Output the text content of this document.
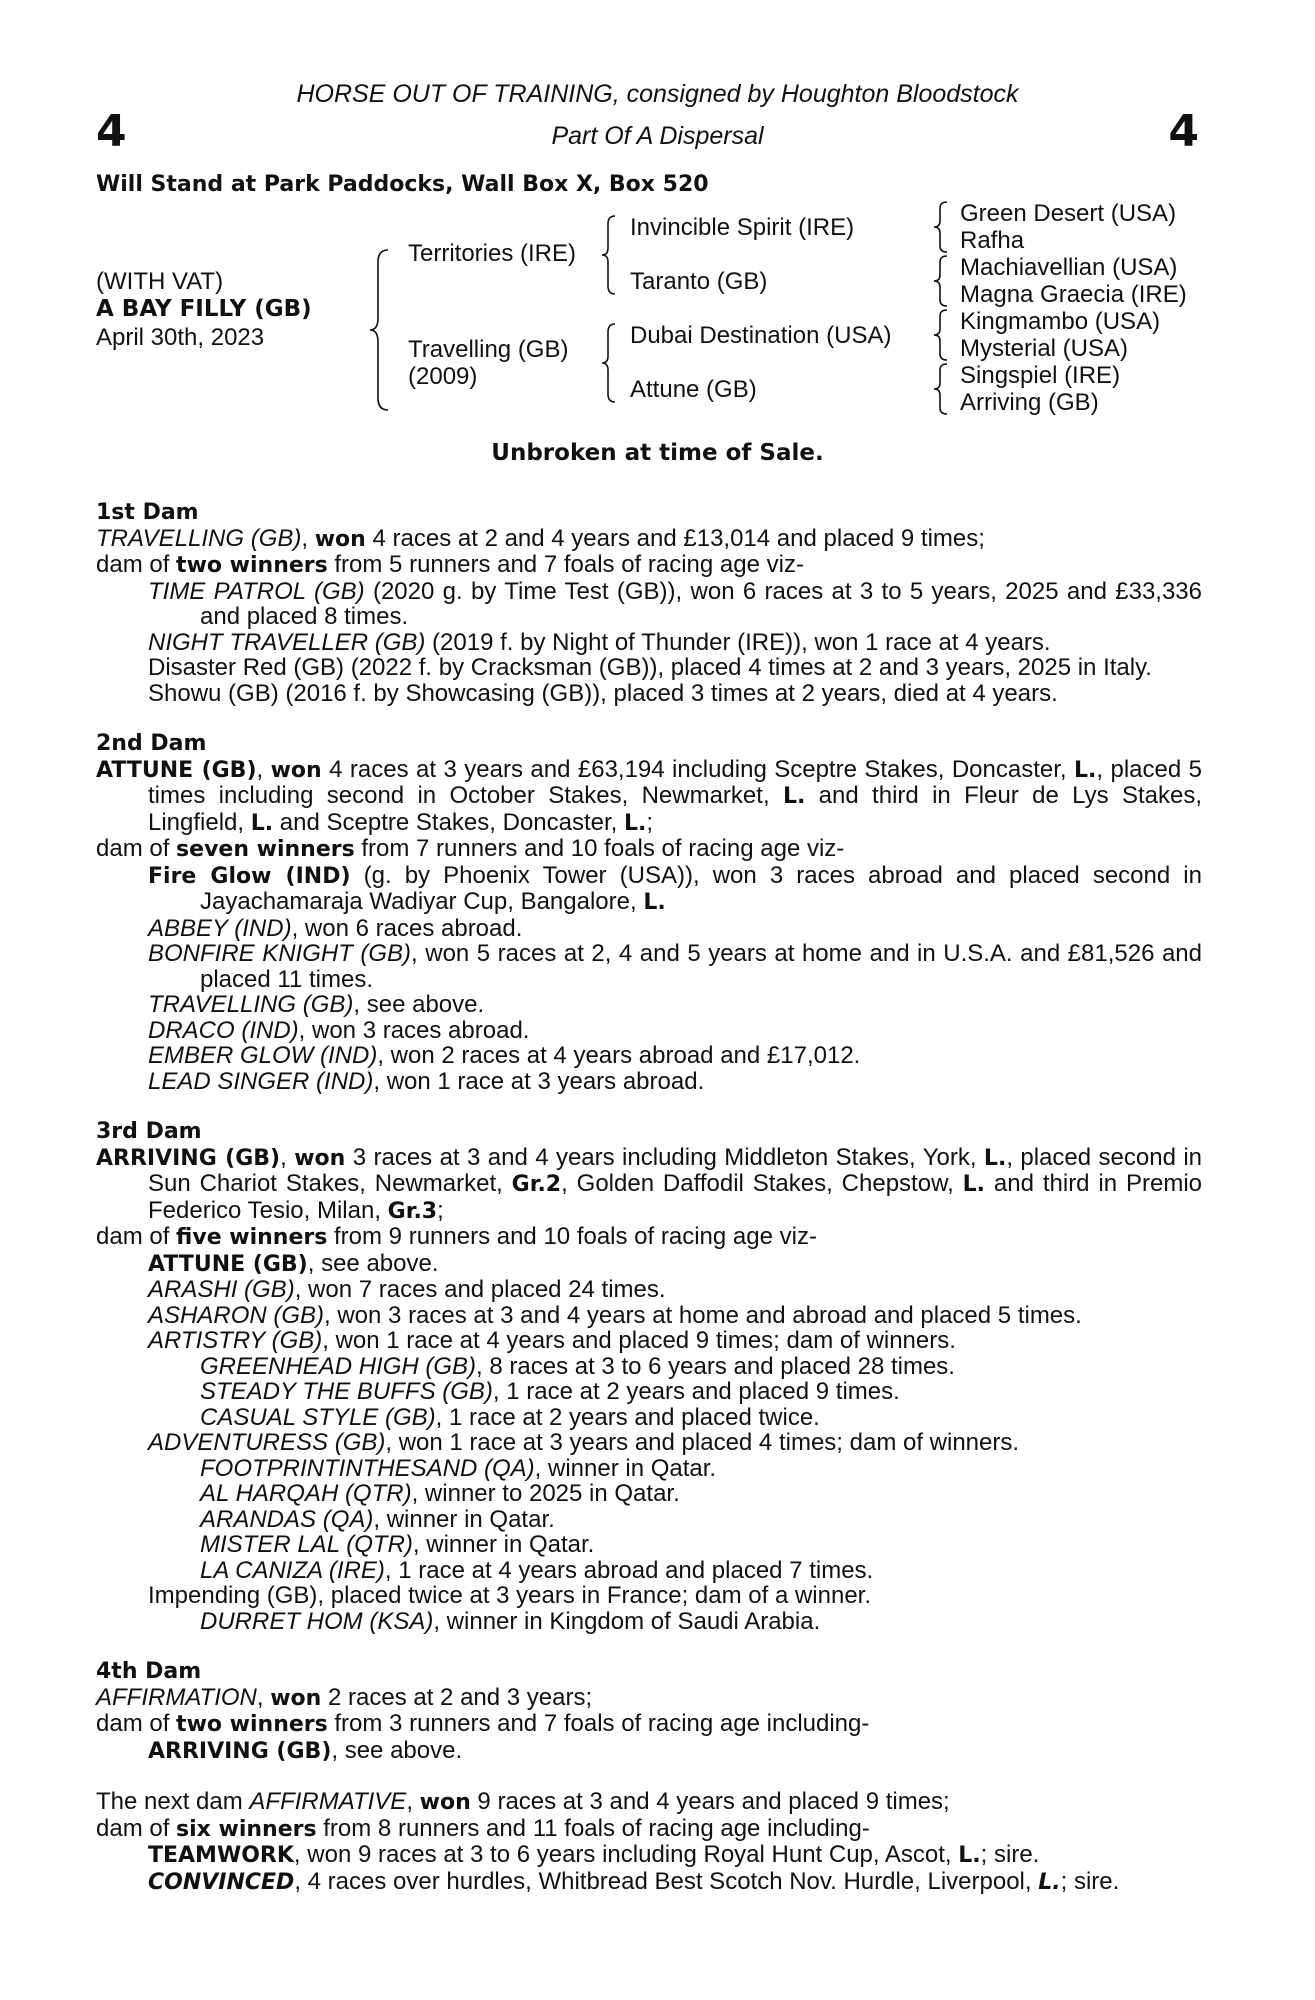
4	4
HORSE OUT OF TRAINING, consigned by Houghton Bloodstock
Part Of A Dispersal
Will Stand at Park Paddocks, Wall Box X, Box 520
(WITH VAT)
A BAY FILLY (GB)
April 30th, 2023
Territories (IRE)
Travelling (GB)
(2009)
Invincible Spirit (IRE)
Taranto (GB)
Dubai Destination (USA)
Attune (GB)
Green Desert (USA)
Rafha
Machiavellian (USA)
Magna Graecia (IRE)
Kingmambo (USA)
Mysterial (USA)
Singspiel (IRE)
Arriving (GB)
Unbroken at time of Sale.
1st Dam
TRAVELLING (GB), won 4 races at 2 and 4 years and £13,014 and placed 9 times;
dam of two winners from 5 runners and 7 foals of racing age viz-
TIME PATROL (GB) (2020 g. by Time Test (GB)), won 6 races at 3 to 5 years, 2025 and £33,336 and placed 8 times.
NIGHT TRAVELLER (GB) (2019 f. by Night of Thunder (IRE)), won 1 race at 4 years.
Disaster Red (GB) (2022 f. by Cracksman (GB)), placed 4 times at 2 and 3 years, 2025 in Italy.
Showu (GB) (2016 f. by Showcasing (GB)), placed 3 times at 2 years, died at 4 years.
2nd Dam
ATTUNE (GB), won 4 races at 3 years and £63,194 including Sceptre Stakes, Doncaster, L., placed 5 times including second in October Stakes, Newmarket, L. and third in Fleur de Lys Stakes, Lingfield, L. and Sceptre Stakes, Doncaster, L.;
dam of seven winners from 7 runners and 10 foals of racing age viz-
Fire Glow (IND) (g. by Phoenix Tower (USA)), won 3 races abroad and placed second in Jayachamaraja Wadiyar Cup, Bangalore, L.
ABBEY (IND), won 6 races abroad.
BONFIRE KNIGHT (GB), won 5 races at 2, 4 and 5 years at home and in U.S.A. and £81,526 and placed 11 times.
TRAVELLING (GB), see above.
DRACO (IND), won 3 races abroad.
EMBER GLOW (IND), won 2 races at 4 years abroad and £17,012.
LEAD SINGER (IND), won 1 race at 3 years abroad.
3rd Dam
ARRIVING (GB), won 3 races at 3 and 4 years including Middleton Stakes, York, L., placed second in Sun Chariot Stakes, Newmarket, Gr.2, Golden Daffodil Stakes, Chepstow, L. and third in Premio Federico Tesio, Milan, Gr.3;
dam of five winners from 9 runners and 10 foals of racing age viz-
ATTUNE (GB), see above.
ARASHI (GB), won 7 races and placed 24 times.
ASHARON (GB), won 3 races at 3 and 4 years at home and abroad and placed 5 times.
ARTISTRY (GB), won 1 race at 4 years and placed 9 times; dam of winners.
GREENHEAD HIGH (GB), 8 races at 3 to 6 years and placed 28 times.
STEADY THE BUFFS (GB), 1 race at 2 years and placed 9 times.
CASUAL STYLE (GB), 1 race at 2 years and placed twice.
ADVENTURESS (GB), won 1 race at 3 years and placed 4 times; dam of winners.
FOOTPRINTINTHESAND (QA), winner in Qatar.
AL HARQAH (QTR), winner to 2025 in Qatar.
ARANDAS (QA), winner in Qatar.
MISTER LAL (QTR), winner in Qatar.
LA CANIZA (IRE), 1 race at 4 years abroad and placed 7 times.
Impending (GB), placed twice at 3 years in France; dam of a winner.
DURRET HOM (KSA), winner in Kingdom of Saudi Arabia.
4th Dam
AFFIRMATION, won 2 races at 2 and 3 years;
dam of two winners from 3 runners and 7 foals of racing age including-
ARRIVING (GB), see above.
The next dam AFFIRMATIVE, won 9 races at 3 and 4 years and placed 9 times;
dam of six winners from 8 runners and 11 foals of racing age including-
TEAMWORK, won 9 races at 3 to 6 years including Royal Hunt Cup, Ascot, L.; sire.
CONVINCED, 4 races over hurdles, Whitbread Best Scotch Nov. Hurdle, Liverpool, L.; sire.
